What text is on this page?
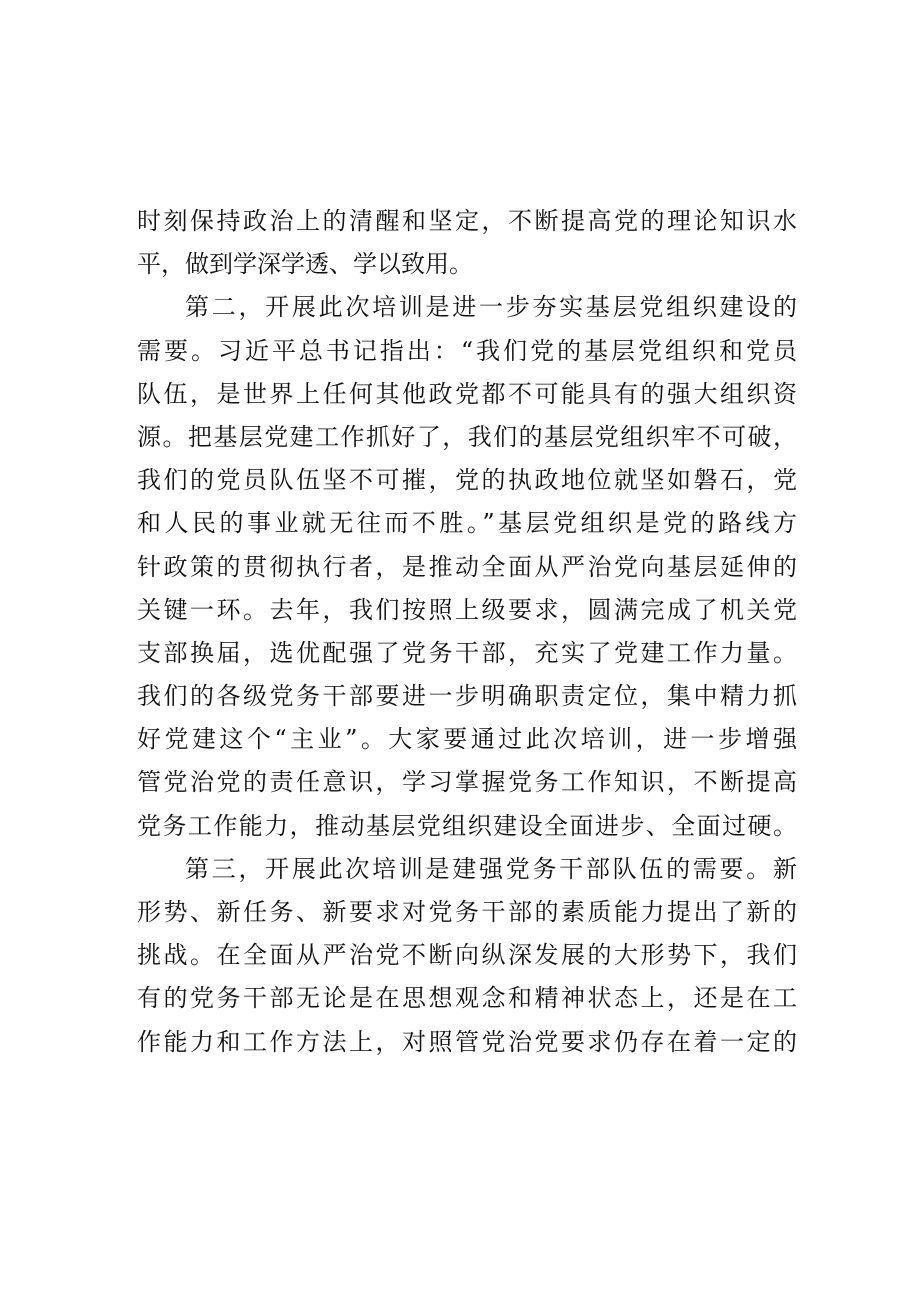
时刻保持政治上的清醒和坚定，不断提高党的理论知识水
平，做到学深学透、学以致用。
第二，开展此次培训是进一步夯实基层党组织建设的
需要。习近平总书记指出：“我们党的基层党组织和党员
队伍，是世界上任何其他政党都不可能具有的强大组织资
源。把基层党建工作抓好了，我们的基层党组织牢不可破，
我们的党员队伍坚不可摧，党的执政地位就坚如磐石，党
和人民的事业就无往而不胜。”基层党组织是党的路线方
针政策的贯彻执行者，是推动全面从严治党向基层延伸的
关键一环。去年，我们按照上级要求，圆满完成了机关党
支部换届，选优配强了党务干部，充实了党建工作力量。
我们的各级党务干部要进一步明确职责定位，集中精力抓
好党建这个“主业”。大家要通过此次培训，进一步增强
管党治党的责任意识，学习掌握党务工作知识，不断提高
党务工作能力，推动基层党组织建设全面进步、全面过硬。
第三，开展此次培训是建强党务干部队伍的需要。新
形势、新任务、新要求对党务干部的素质能力提出了新的
挑战。在全面从严治党不断向纵深发展的大形势下，我们
有的党务干部无论是在思想观念和精神状态上，还是在工
作能力和工作方法上，对照管党治党要求仍存在着一定的
